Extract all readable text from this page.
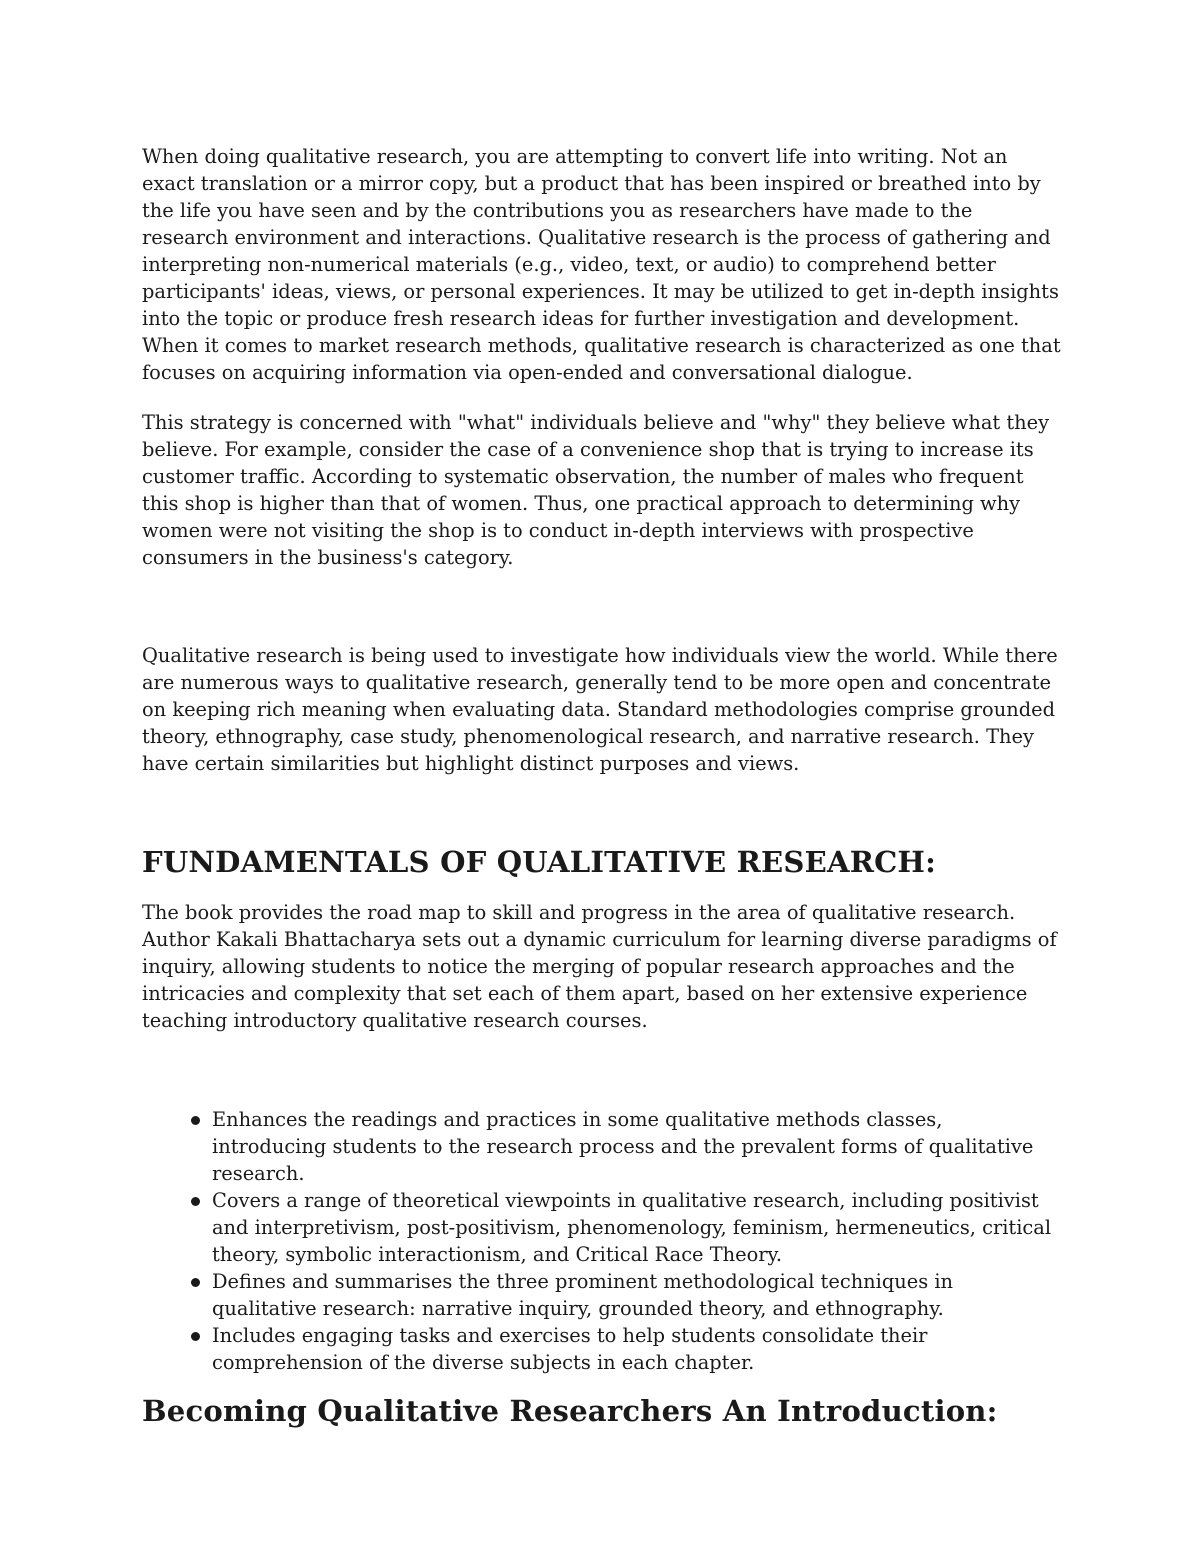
When doing qualitative research, you are attempting to convert life into writing. Not an exact translation or a mirror copy, but a product that has been inspired or breathed into by the life you have seen and by the contributions you as researchers have made to the research environment and interactions. Qualitative research is the process of gathering and interpreting non-numerical materials (e.g., video, text, or audio) to comprehend better participants' ideas, views, or personal experiences. It may be utilized to get in-depth insights into the topic or produce fresh research ideas for further investigation and development. When it comes to market research methods, qualitative research is characterized as one that focuses on acquiring information via open-ended and conversational dialogue.

This strategy is concerned with "what" individuals believe and "why" they believe what they believe. For example, consider the case of a convenience shop that is trying to increase its customer traffic. According to systematic observation, the number of males who frequent this shop is higher than that of women. Thus, one practical approach to determining why women were not visiting the shop is to conduct in-depth interviews with prospective consumers in the business's category.

Qualitative research is being used to investigate how individuals view the world. While there are numerous ways to qualitative research, generally tend to be more open and concentrate on keeping rich meaning when evaluating data. Standard methodologies comprise grounded theory, ethnography, case study, phenomenological research, and narrative research. They have certain similarities but highlight distinct purposes and views.

FUNDAMENTALS OF QUALITATIVE RESEARCH:

The book provides the road map to skill and progress in the area of qualitative research. Author Kakali Bhattacharya sets out a dynamic curriculum for learning diverse paradigms of inquiry, allowing students to notice the merging of popular research approaches and the intricacies and complexity that set each of them apart, based on her extensive experience teaching introductory qualitative research courses.

Enhances the readings and practices in some qualitative methods classes, introducing students to the research process and the prevalent forms of qualitative research.
Covers a range of theoretical viewpoints in qualitative research, including positivist and interpretivism, post-positivism, phenomenology, feminism, hermeneutics, critical theory, symbolic interactionism, and Critical Race Theory.
Defines and summarises the three prominent methodological techniques in qualitative research: narrative inquiry, grounded theory, and ethnography.
Includes engaging tasks and exercises to help students consolidate their comprehension of the diverse subjects in each chapter.
Becoming Qualitative Researchers An Introduction:
